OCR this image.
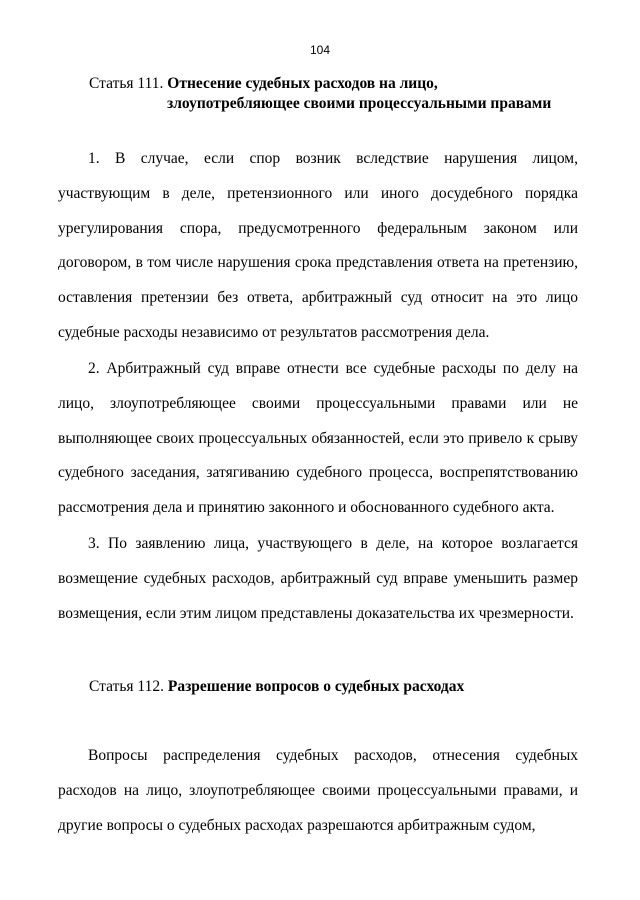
104
Статья 111. Отнесение судебных расходов на лицо,
злоупотребляющее своими процессуальными правами

1. В случае, если спор возник вследствие нарушения лицом, участвующим в деле, претензионного или иного досудебного порядка урегулирования спора, предусмотренного федеральным законом или договором, в том числе нарушения срока представления ответа на претензию, оставления претензии без ответа, арбитражный суд относит на это лицо судебные расходы независимо от результатов рассмотрения дела.

2. Арбитражный суд вправе отнести все судебные расходы по делу на лицо, злоупотребляющее своими процессуальными правами или не выполняющее своих процессуальных обязанностей, если это привело к срыву судебного заседания, затягиванию судебного процесса, воспрепятствованию рассмотрения дела и принятию законного и обоснованного судебного акта.

3. По заявлению лица, участвующего в деле, на которое возлагается возмещение судебных расходов, арбитражный суд вправе уменьшить размер возмещения, если этим лицом представлены доказательства их чрезмерности.

Статья 112. Разрешение вопросов о судебных расходах

Вопросы распределения судебных расходов, отнесения судебных расходов на лицо, злоупотребляющее своими процессуальными правами, и другие вопросы о судебных расходах разрешаются арбитражным судом,
